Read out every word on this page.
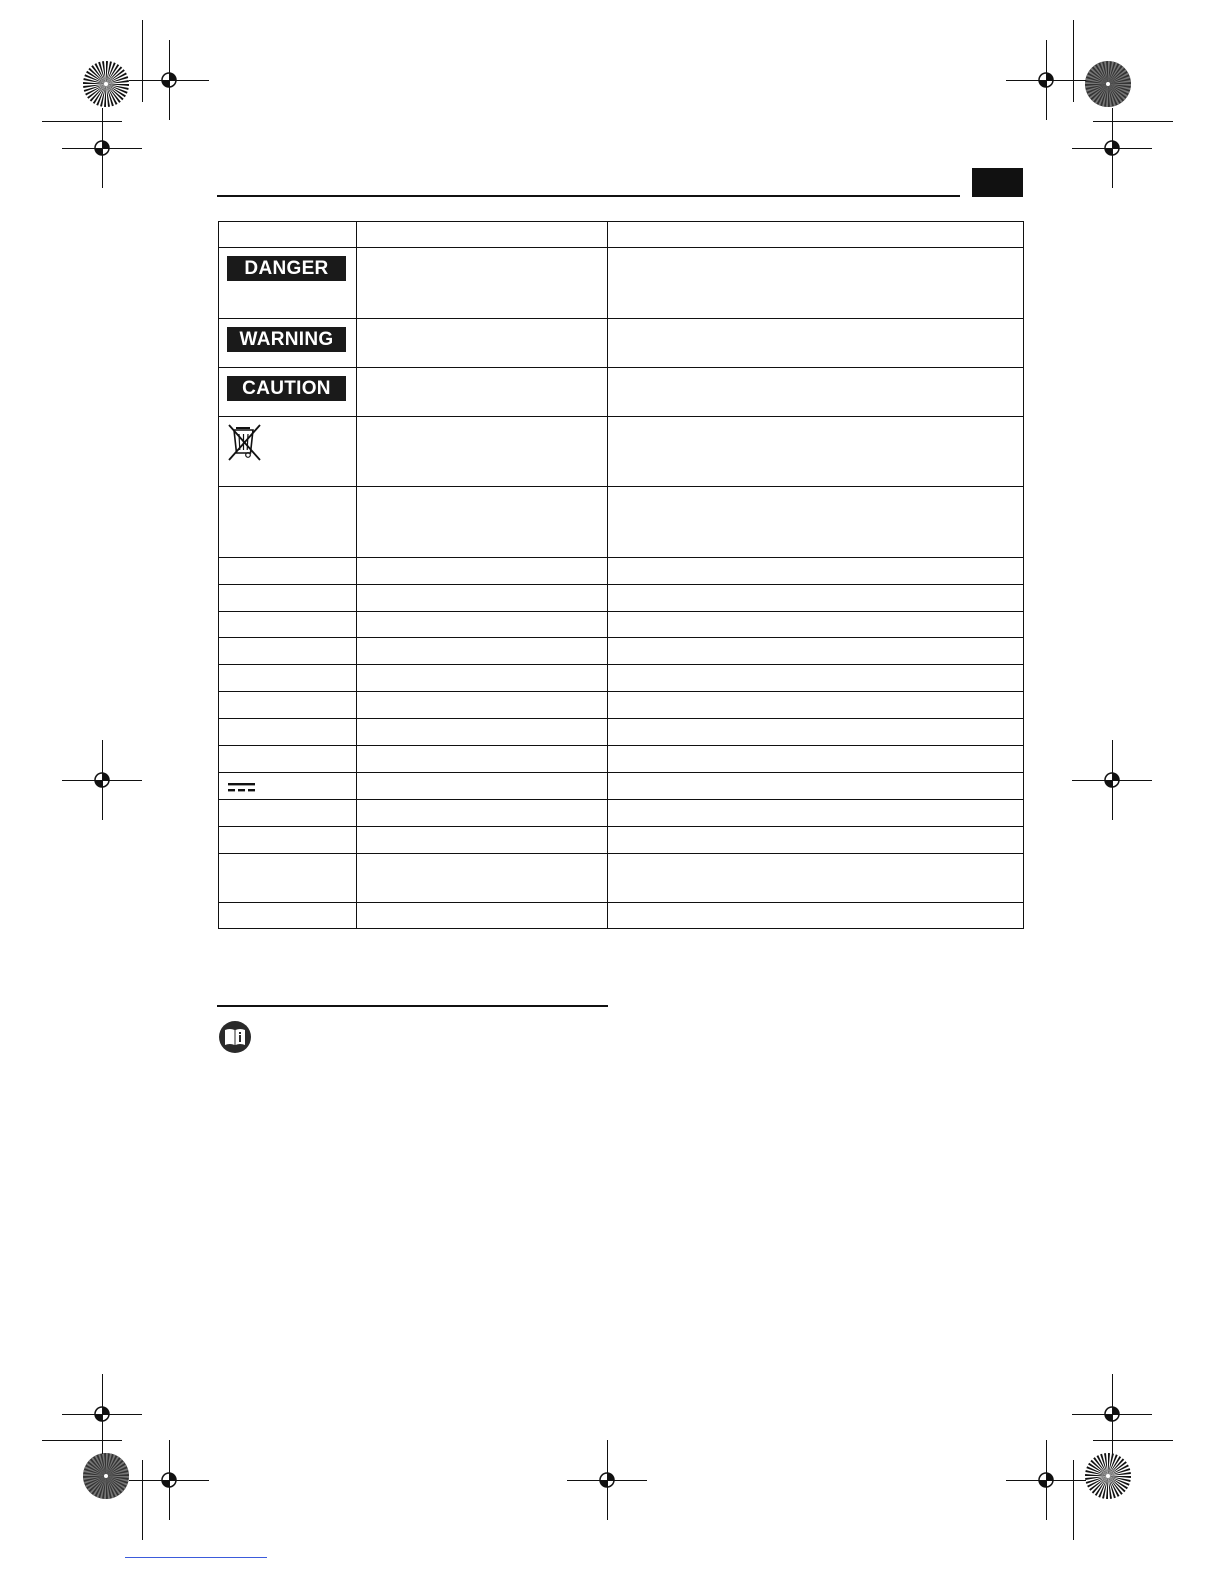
DANGER		
WARNING		
CAUTION		
